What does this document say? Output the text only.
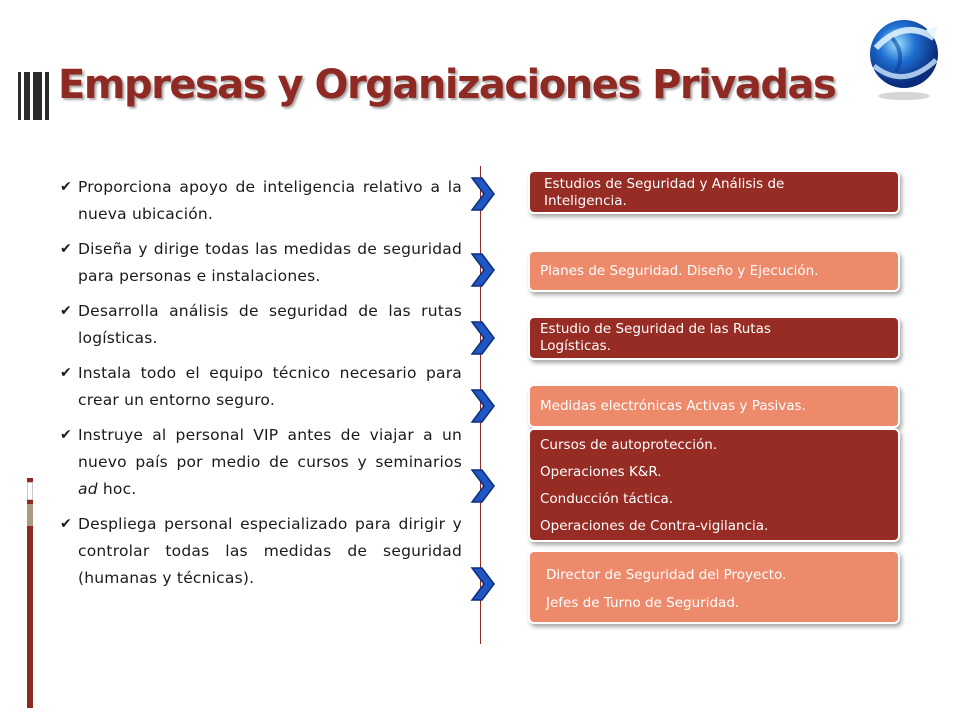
Empresas y Organizaciones Privadas
✔ Proporciona apoyo de inteligencia relativo a la nueva ubicación.
✔ Diseña y dirige todas las medidas de seguridad para personas e instalaciones.
✔ Desarrolla análisis de seguridad de las rutas logísticas.
✔ Instala todo el equipo técnico necesario para crear un entorno seguro.
✔ Instruye al personal VIP antes de viajar a un nuevo país por medio de cursos y seminarios ad hoc.
✔ Despliega personal especializado para dirigir y controlar todas las medidas de seguridad (humanas y técnicas).
Estudios de Seguridad y Análisis de
Inteligencia.
Planes de Seguridad. Diseño y Ejecución.
Estudio de Seguridad de las Rutas
Logísticas.
Medidas electrónicas Activas y Pasivas.
Cursos de autoprotección.
Operaciones K&R.
Conducción táctica.
Operaciones de Contra-vigilancia.
Director de Seguridad del Proyecto.
Jefes de Turno de Seguridad.
